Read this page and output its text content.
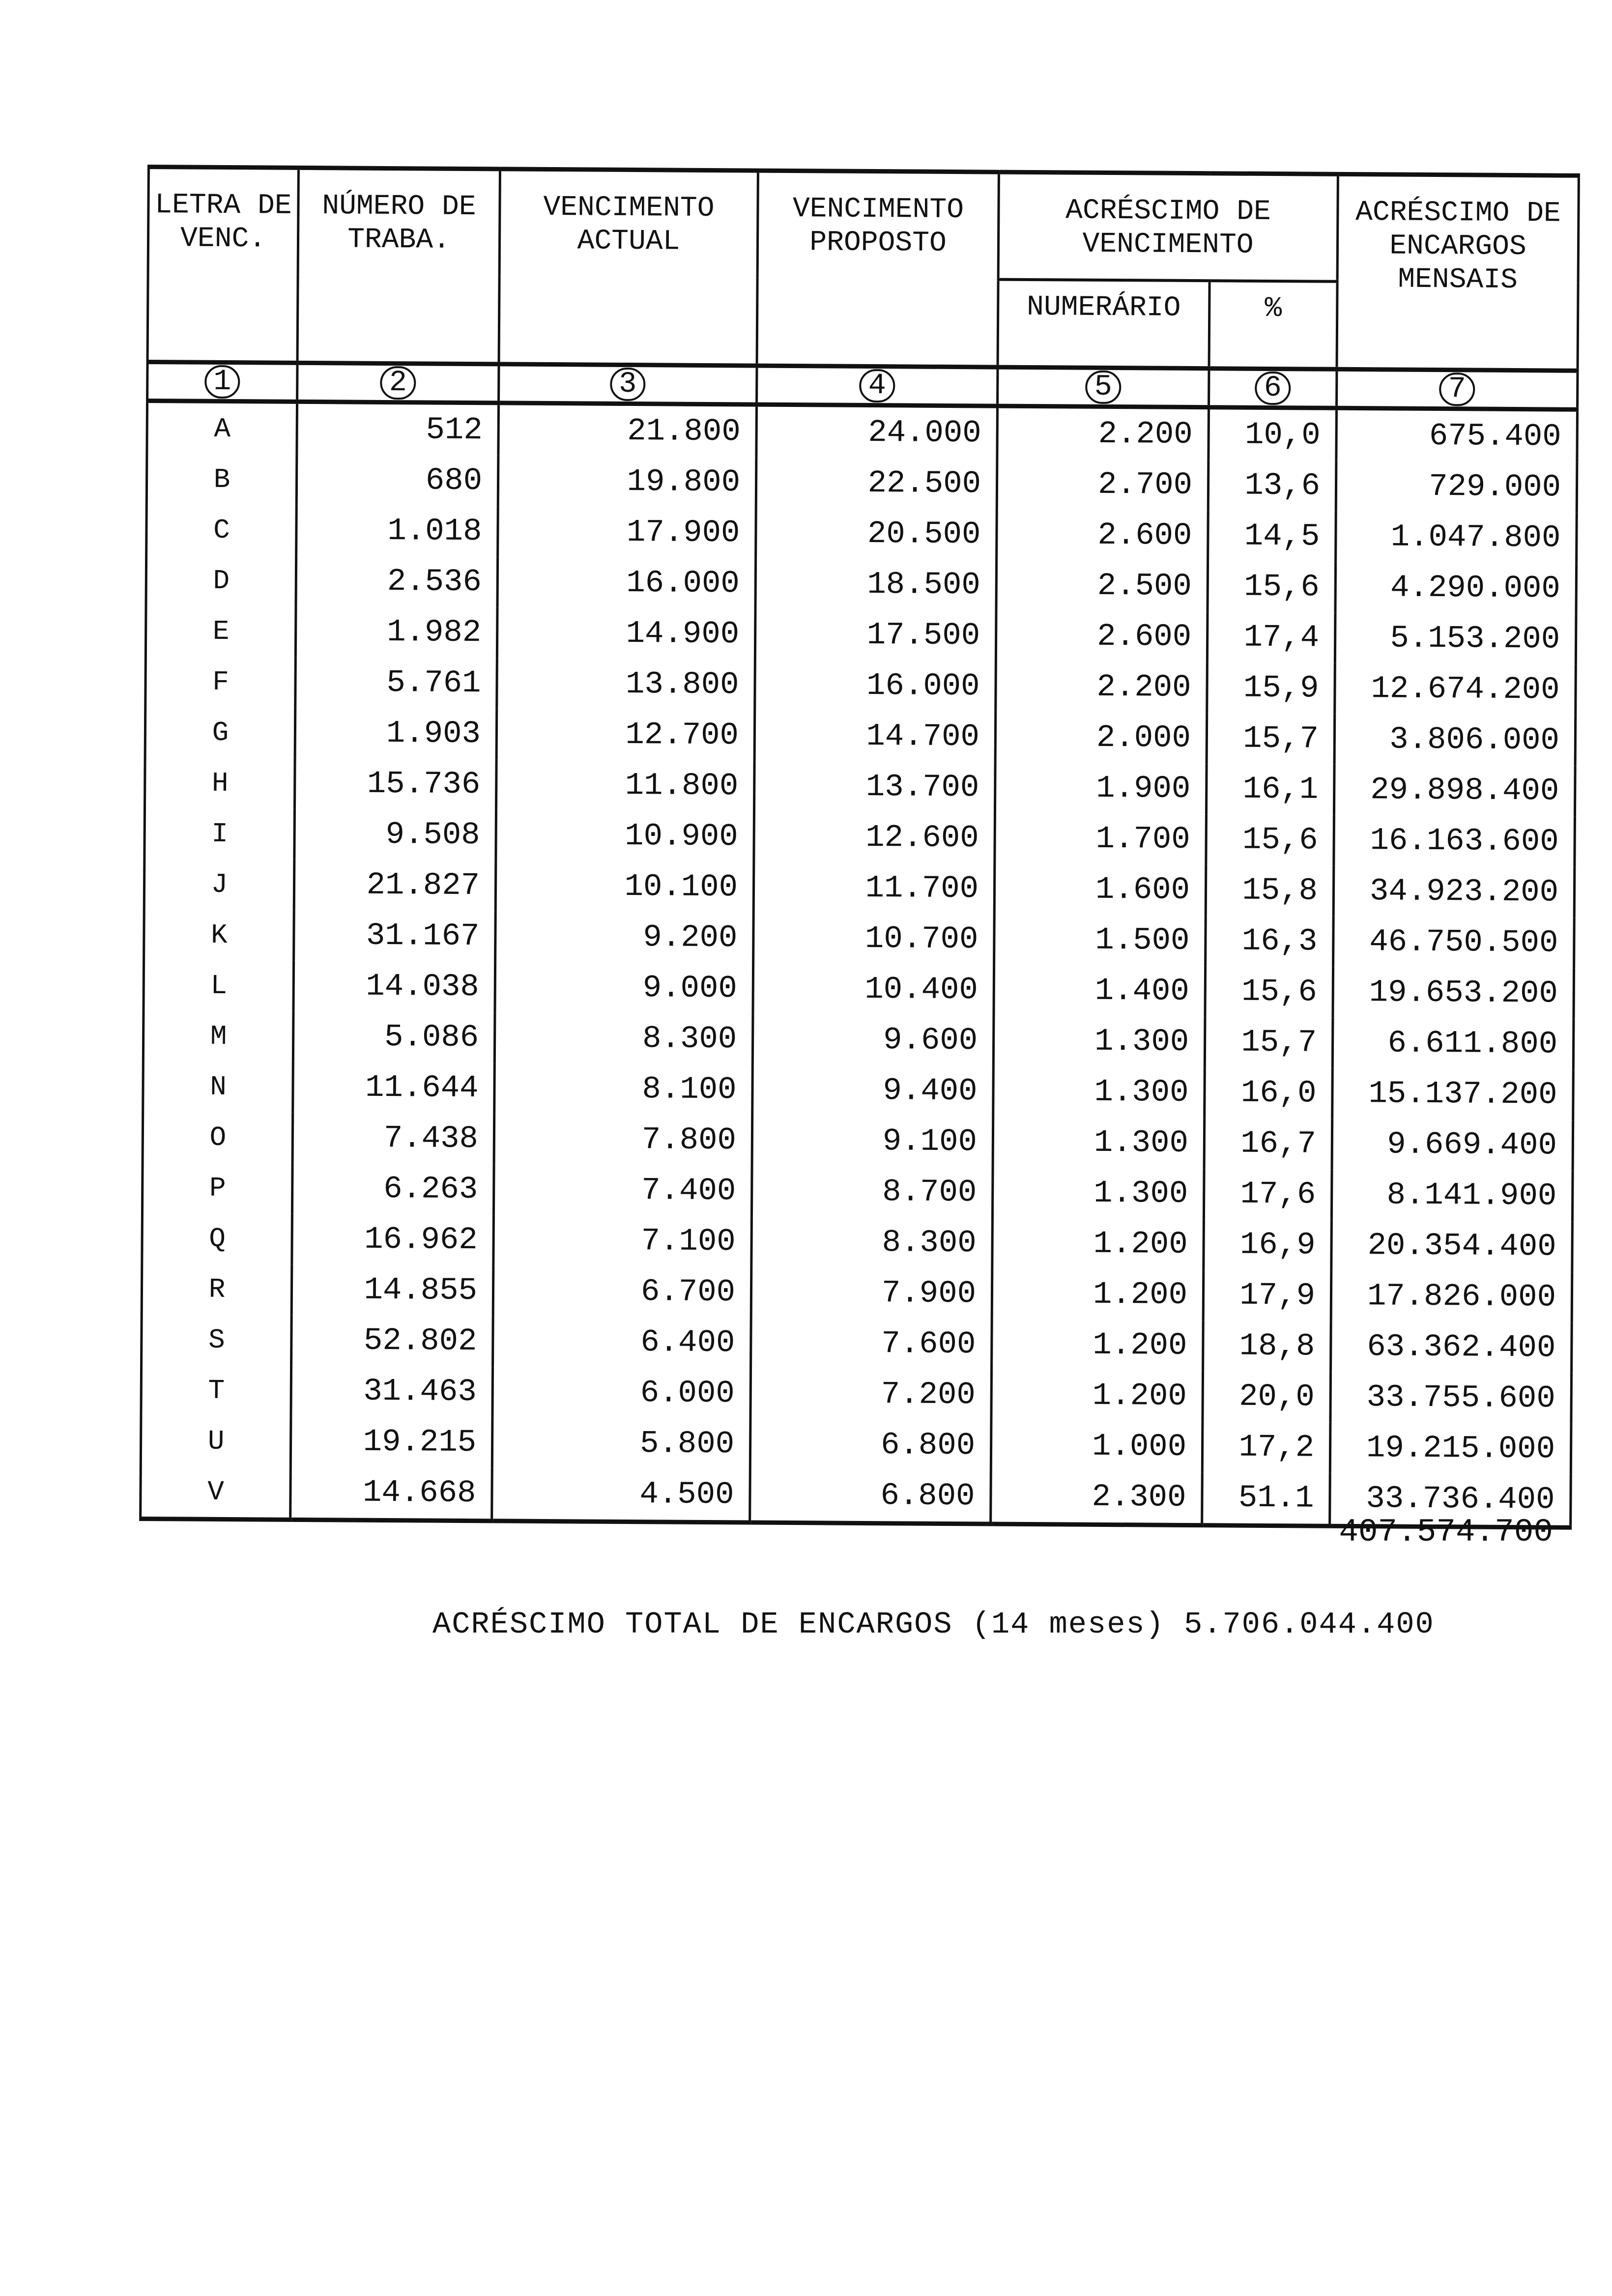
LETRA DE VENC.	NÚMERO DE TRABA.	VENCIMENTO ACTUAL	VENCIMENTO PROPOSTO	ACRÉSCIMO DE VENCIMENTO		ACRÉSCIMO DE ENCARGOS MENSAIS
				NUMERÁRIO	%	
1	2	3	4	5	6	7
A	512	21.800	24.000	2.200	10,0	675.400
B	680	19.800	22.500	2.700	13,6	729.000
C	1.018	17.900	20.500	2.600	14,5	1.047.800
D	2.536	16.000	18.500	2.500	15,6	4.290.000
E	1.982	14.900	17.500	2.600	17,4	5.153.200
F	5.761	13.800	16.000	2.200	15,9	12.674.200
G	1.903	12.700	14.700	2.000	15,7	3.806.000
H	15.736	11.800	13.700	1.900	16,1	29.898.400
I	9.508	10.900	12.600	1.700	15,6	16.163.600
J	21.827	10.100	11.700	1.600	15,8	34.923.200
K	31.167	9.200	10.700	1.500	16,3	46.750.500
L	14.038	9.000	10.400	1.400	15,6	19.653.200
M	5.086	8.300	9.600	1.300	15,7	6.611.800
N	11.644	8.100	9.400	1.300	16,0	15.137.200
O	7.438	7.800	9.100	1.300	16,7	9.669.400
P	6.263	7.400	8.700	1.300	17,6	8.141.900
Q	16.962	7.100	8.300	1.200	16,9	20.354.400
R	14.855	6.700	7.900	1.200	17,9	17.826.000
S	52.802	6.400	7.600	1.200	18,8	63.362.400
T	31.463	6.000	7.200	1.200	20,0	33.755.600
U	19.215	5.800	6.800	1.000	17,2	19.215.000
V	14.668	4.500	6.800	2.300	51.1	33.736.400
407.574.700
ACRÉSCIMO TOTAL DE ENCARGOS (14 meses) 5.706.044.400
